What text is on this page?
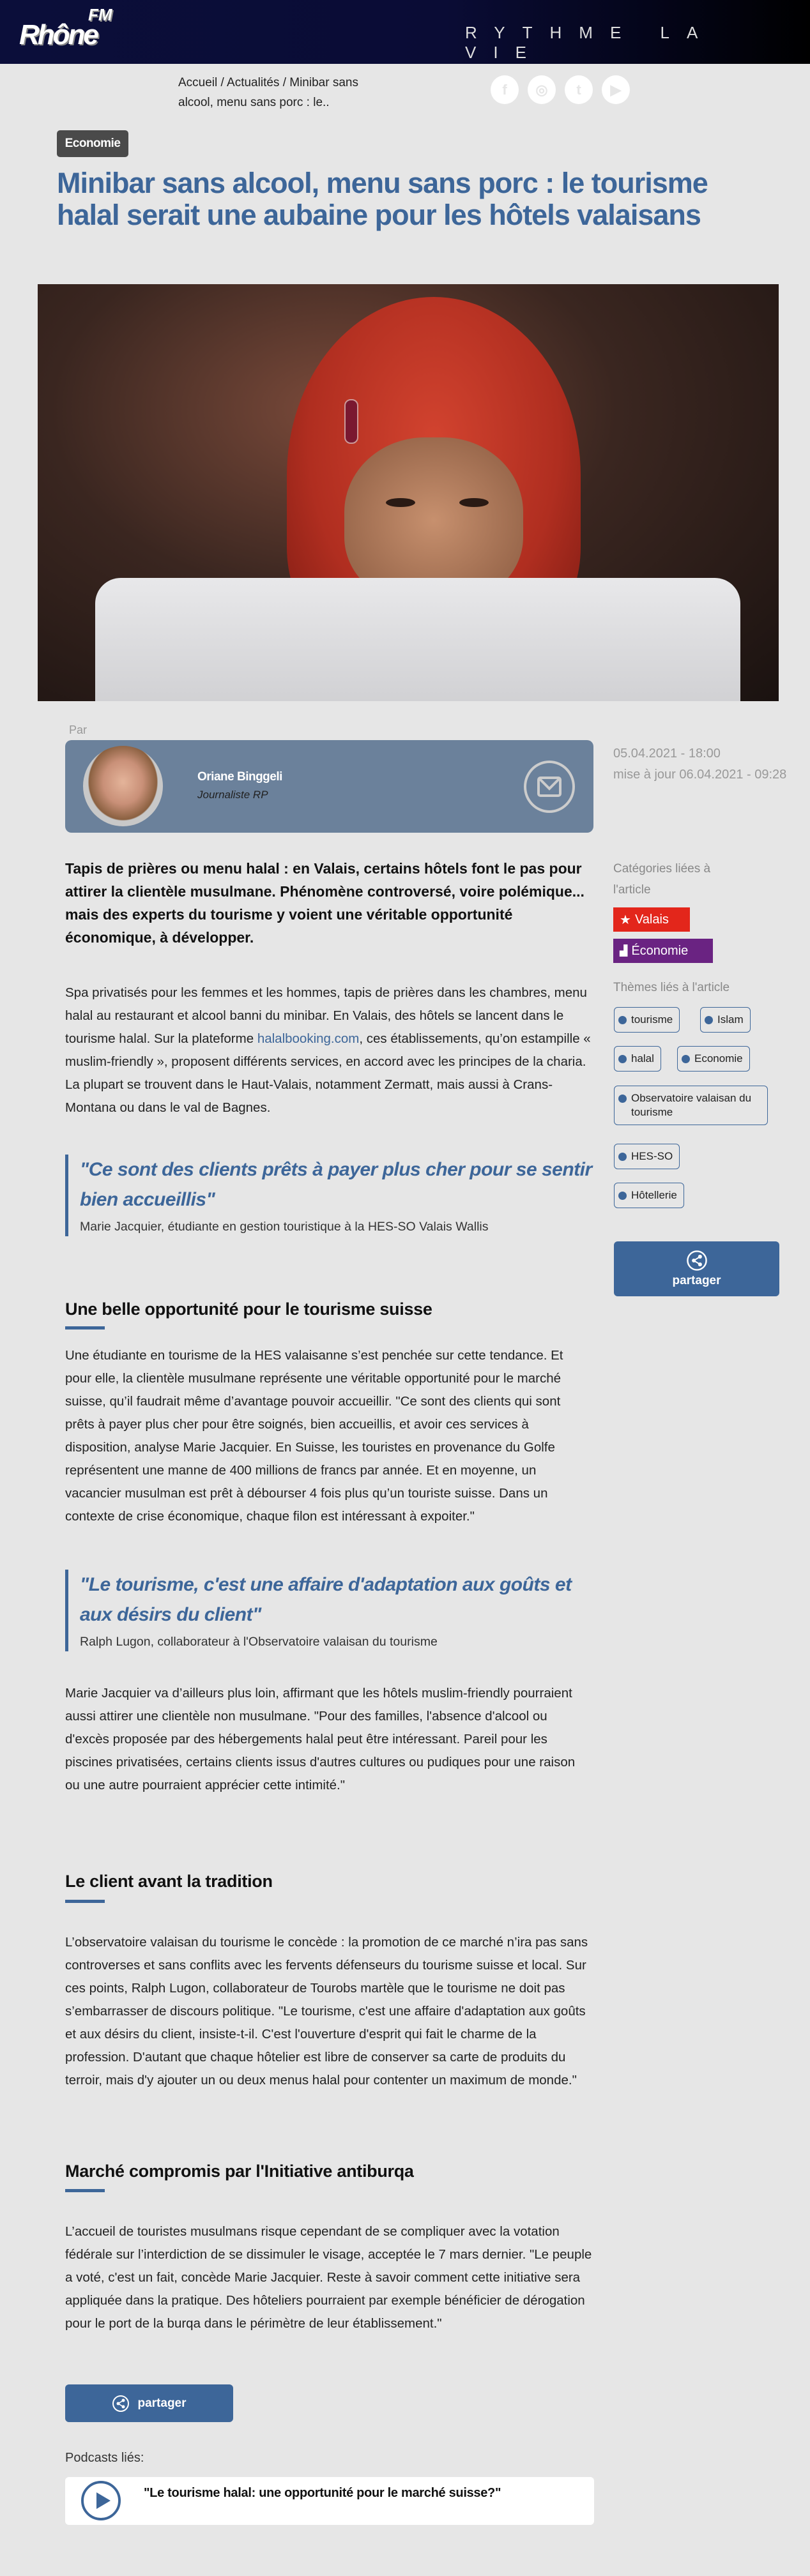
Rhône
FM
RYTHME LA VIE
Accueil / Actualités / Minibar sans alcool, menu sans porc : le..
f	◎	t	▶
Economie
Minibar sans alcool, menu sans porc : le tourisme halal serait une aubaine pour les hôtels valaisans
Par
Oriane Binggeli
Journaliste RP
05.04.2021 - 18:00
mise à jour 06.04.2021 - 09:28

Tapis de prières ou menu halal : en Valais, certains hôtels font le pas pour attirer la clientèle musulmane. Phénomène controversé, voire polémique... mais des experts du tourisme y voient une véritable opportunité économique, à développer.

Spa privatisés pour les femmes et les hommes, tapis de prières dans les chambres, menu halal au restaurant et alcool banni du minibar. En Valais, des hôtels se lancent dans le tourisme halal. Sur la plateforme halalbooking.com, ces établissements, qu’on estampille « muslim-friendly », proposent différents services, en accord avec les principes de la charia. La plupart se trouvent dans le Haut-Valais, notamment Zermatt, mais aussi à Crans-Montana ou dans le val de Bagnes.

"Ce sont des clients prêts à payer plus cher pour se sentir bien accueillis"
Marie Jacquier, étudiante en gestion touristique à la HES-SO Valais Wallis
Une belle opportunité pour le tourisme suisse

Une étudiante en tourisme de la HES valaisanne s’est penchée sur cette tendance. Et pour elle, la clientèle musulmane représente une véritable opportunité pour le marché suisse, qu’il faudrait même d’avantage pouvoir accueillir. "Ce sont des clients qui sont prêts à payer plus cher pour être soignés, bien accueillis, et avoir ces services à disposition, analyse Marie Jacquier. En Suisse, les touristes en provenance du Golfe représentent une manne de 400 millions de francs par année. Et en moyenne, un vacancier musulman est prêt à débourser 4 fois plus qu’un touriste suisse. Dans un contexte de crise économique, chaque filon est intéressant à expoiter."

"Le tourisme, c'est une affaire d'adaptation aux goûts et aux désirs du client"
Ralph Lugon, collaborateur à l'Observatoire valaisan du tourisme

Marie Jacquier va d’ailleurs plus loin, affirmant que les hôtels muslim-friendly pourraient aussi attirer une clientèle non musulmane. "Pour des familles, l'absence d'alcool ou d'excès proposée par des hébergements halal peut être intéressant. Pareil pour les piscines privatisées, certains clients issus d'autres cultures ou pudiques pour une raison ou une autre pourraient apprécier cette intimité."

Le client avant la tradition

L’observatoire valaisan du tourisme le concède : la promotion de ce marché n’ira pas sans controverses et sans conflits avec les fervents défenseurs du tourisme suisse et local. Sur ces points, Ralph Lugon, collaborateur de Tourobs martèle que le tourisme ne doit pas s’embarrasser de discours politique. "Le tourisme, c'est une affaire d'adaptation aux goûts et aux désirs du client, insiste-t-il. C'est l'ouverture d'esprit qui fait le charme de la profession. D'autant que chaque hôtelier est libre de conserver sa carte de produits du terroir, mais d'y ajouter un ou deux menus halal pour contenter un maximum de monde."

Marché compromis par l'Initiative antiburqa

L’accueil de touristes musulmans risque cependant de se compliquer avec la votation fédérale sur l’interdiction de se dissimuler le visage, acceptée le 7 mars dernier. "Le peuple a voté, c'est un fait, concède Marie Jacquier. Reste à savoir comment cette initiative sera appliquée dans la pratique. Des hôteliers pourraient par exemple bénéficier de dérogation pour le port de la burqa dans le périmètre de leur établissement."

partager
Podcasts liés:
"Le tourisme halal: une opportunité pour le marché suisse?"
Catégories liées à l'article
★ Valais
▟ Économie
Thèmes liés à l'article
tourisme	Islam
halal	Economie
Observatoire valaisan du tourisme
HES-SO
Hôtellerie
partager
